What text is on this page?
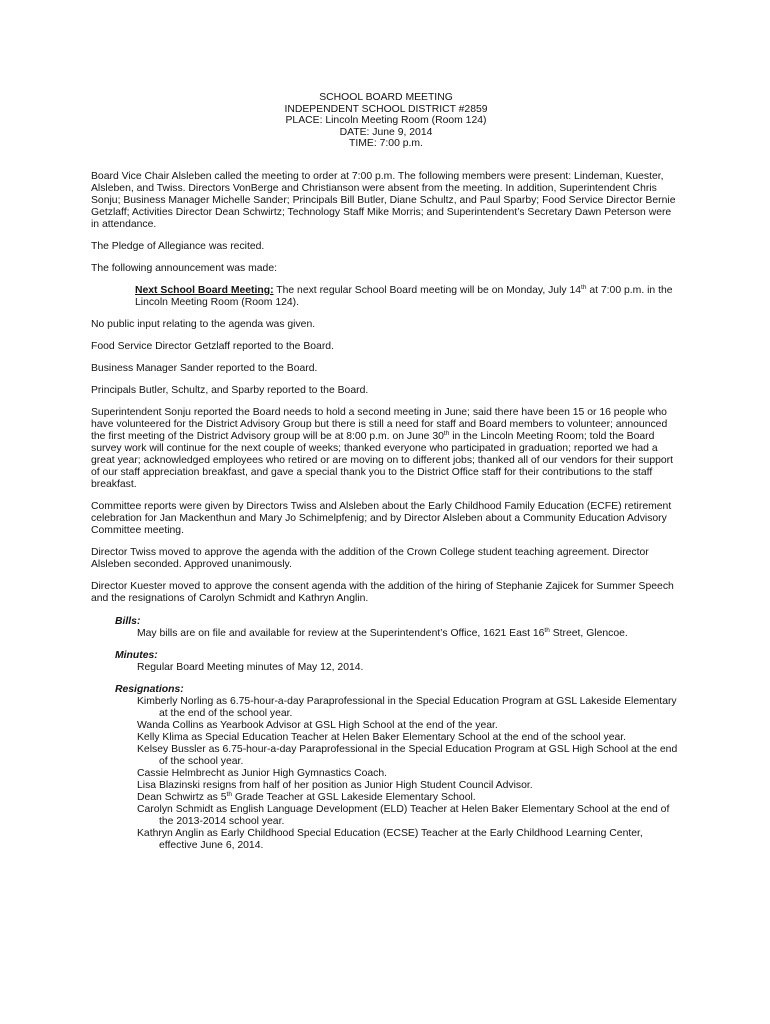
SCHOOL BOARD MEETING
INDEPENDENT SCHOOL DISTRICT #2859
PLACE: Lincoln Meeting Room (Room 124)
DATE: June 9, 2014
TIME: 7:00 p.m.

Board Vice Chair Alsleben called the meeting to order at 7:00 p.m. The following members were present: Lindeman, Kuester, Alsleben, and Twiss. Directors VonBerge and Christianson were absent from the meeting. In addition, Superintendent Chris Sonju; Business Manager Michelle Sander; Principals Bill Butler, Diane Schultz, and Paul Sparby; Food Service Director Bernie Getzlaff; Activities Director Dean Schwirtz; Technology Staff Mike Morris; and Superintendent’s Secretary Dawn Peterson were in attendance.

The Pledge of Allegiance was recited.

The following announcement was made:

Next School Board Meeting: The next regular School Board meeting will be on Monday, July 14th at 7:00 p.m. in the Lincoln Meeting Room (Room 124).

No public input relating to the agenda was given.

Food Service Director Getzlaff reported to the Board.

Business Manager Sander reported to the Board.

Principals Butler, Schultz, and Sparby reported to the Board.

Superintendent Sonju reported the Board needs to hold a second meeting in June; said there have been 15 or 16 people who have volunteered for the District Advisory Group but there is still a need for staff and Board members to volunteer; announced the first meeting of the District Advisory group will be at 8:00 p.m. on June 30th in the Lincoln Meeting Room; told the Board survey work will continue for the next couple of weeks; thanked everyone who participated in graduation; reported we had a great year; acknowledged employees who retired or are moving on to different jobs; thanked all of our vendors for their support of our staff appreciation breakfast, and gave a special thank you to the District Office staff for their contributions to the staff breakfast.

Committee reports were given by Directors Twiss and Alsleben about the Early Childhood Family Education (ECFE) retirement celebration for Jan Mackenthun and Mary Jo Schimelpfenig; and by Director Alsleben about a Community Education Advisory Committee meeting.

Director Twiss moved to approve the agenda with the addition of the Crown College student teaching agreement. Director Alsleben seconded. Approved unanimously.

Director Kuester moved to approve the consent agenda with the addition of the hiring of Stephanie Zajicek for Summer Speech and the resignations of Carolyn Schmidt and Kathryn Anglin.

Bills:

May bills are on file and available for review at the Superintendent’s Office, 1621 East 16th Street, Glencoe.

Minutes:

Regular Board Meeting minutes of May 12, 2014.

Resignations:

Kimberly Norling as 6.75-hour-a-day Paraprofessional in the Special Education Program at GSL Lakeside Elementary at the end of the school year.

Wanda Collins as Yearbook Advisor at GSL High School at the end of the year.

Kelly Klima as Special Education Teacher at Helen Baker Elementary School at the end of the school year.

Kelsey Bussler as 6.75-hour-a-day Paraprofessional in the Special Education Program at GSL High School at the end of the school year.

Cassie Helmbrecht as Junior High Gymnastics Coach.

Lisa Blazinski resigns from half of her position as Junior High Student Council Advisor.

Dean Schwirtz as 5th Grade Teacher at GSL Lakeside Elementary School.

Carolyn Schmidt as English Language Development (ELD) Teacher at Helen Baker Elementary School at the end of the 2013-2014 school year.

Kathryn Anglin as Early Childhood Special Education (ECSE) Teacher at the Early Childhood Learning Center, effective June 6, 2014.
